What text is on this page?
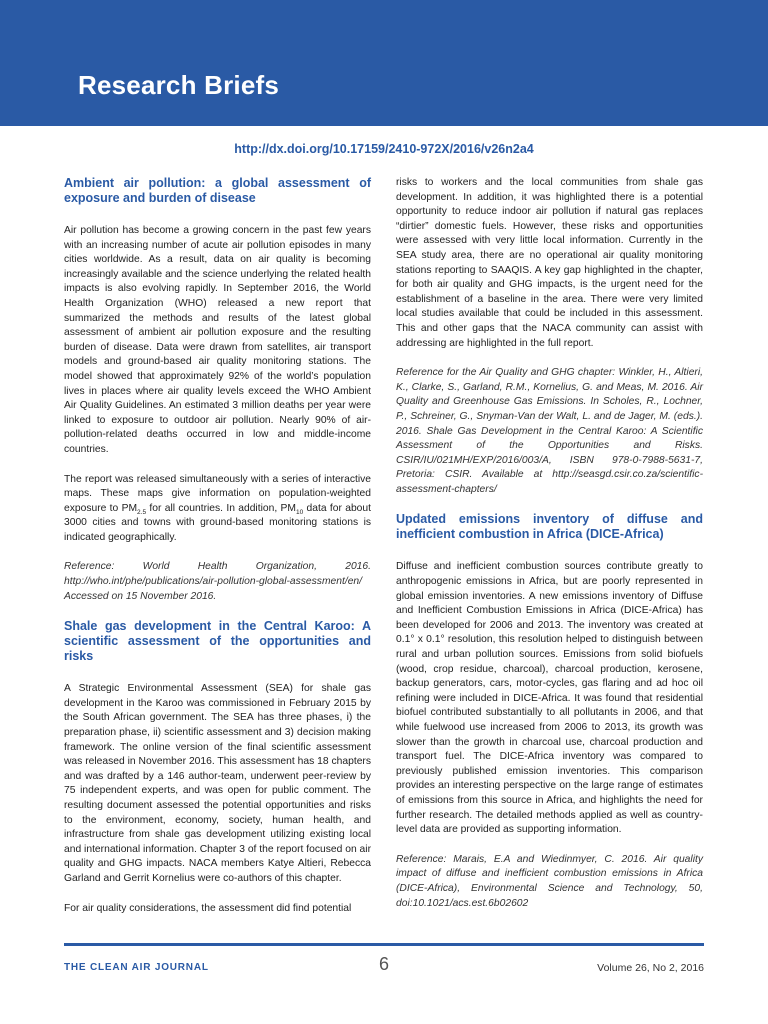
Research Briefs
http://dx.doi.org/10.17159/2410-972X/2016/v26n2a4
Ambient air pollution: a global assessment of exposure and burden of disease

Air pollution has become a growing concern in the past few years with an increasing number of acute air pollution episodes in many cities worldwide. As a result, data on air quality is becoming increasingly available and the science underlying the related health impacts is also evolving rapidly. In September 2016, the World Health Organization (WHO) released a new report that summarized the methods and results of the latest global assessment of ambient air pollution exposure and the resulting burden of disease. Data were drawn from satellites, air transport models and ground-based air quality monitoring stations. The model showed that approximately 92% of the world’s population lives in places where air quality levels exceed the WHO Ambient Air Quality Guidelines. An estimated 3 million deaths per year were linked to exposure to outdoor air pollution. Nearly 90% of air-pollution-related deaths occurred in low and middle-income countries.

The report was released simultaneously with a series of interactive maps. These maps give information on population-weighted exposure to $PM_{2.5}$ for all countries. In addition, $PM_{10}$ data for about 3000 cities and towns with ground-based monitoring stations is indicated geographically.

Reference: World Health Organization, 2016. http://who.int/phe/publications/air-pollution-global-assessment/en/ Accessed on 15 November 2016.

Shale gas development in the Central Karoo: A scientific assessment of the opportunities and risks

A Strategic Environmental Assessment (SEA) for shale gas development in the Karoo was commissioned in February 2015 by the South African government. The SEA has three phases, i) the preparation phase, ii) scientific assessment and 3) decision making framework. The online version of the final scientific assessment was released in November 2016. This assessment has 18 chapters and was drafted by a 146 author-team, underwent peer-review by 75 independent experts, and was open for public comment. The resulting document assessed the potential opportunities and risks to the environment, economy, society, human health, and infrastructure from shale gas development utilizing existing local and international information. Chapter 3 of the report focused on air quality and GHG impacts. NACA members Katye Altieri, Rebecca Garland and Gerrit Kornelius were co-authors of this chapter.

For air quality considerations, the assessment did find potential

risks to workers and the local communities from shale gas development. In addition, it was highlighted there is a potential opportunity to reduce indoor air pollution if natural gas replaces “dirtier” domestic fuels. However, these risks and opportunities were assessed with very little local information. Currently in the SEA study area, there are no operational air quality monitoring stations reporting to SAAQIS. A key gap highlighted in the chapter, for both air quality and GHG impacts, is the urgent need for the establishment of a baseline in the area. There were very limited local studies available that could be included in this assessment. This and other gaps that the NACA community can assist with addressing are highlighted in the full report.

Reference for the Air Quality and GHG chapter: Winkler, H., Altieri, K., Clarke, S., Garland, R.M., Kornelius, G. and Meas, M. 2016. Air Quality and Greenhouse Gas Emissions. In Scholes, R., Lochner, P., Schreiner, G., Snyman-Van der Walt, L. and de Jager, M. (eds.). 2016. Shale Gas Development in the Central Karoo: A Scientific Assessment of the Opportunities and Risks. CSIR/IU/021MH/EXP/2016/003/A, ISBN 978-0-7988-5631-7, Pretoria: CSIR. Available at http://seasgd.csir.co.za/scientific-assessment-chapters/

Updated emissions inventory of diffuse and inefficient combustion in Africa (DICE-Africa)

Diffuse and inefficient combustion sources contribute greatly to anthropogenic emissions in Africa, but are poorly represented in global emission inventories. A new emissions inventory of Diffuse and Inefficient Combustion Emissions in Africa (DICE-Africa) has been developed for 2006 and 2013. The inventory was created at 0.1° x 0.1° resolution, this resolution helped to distinguish between rural and urban pollution sources. Emissions from solid biofuels (wood, crop residue, charcoal), charcoal production, kerosene, backup generators, cars, motor-cycles, gas flaring and ad hoc oil refining were included in DICE-Africa. It was found that residential biofuel contributed substantially to all pollutants in 2006, and that while fuelwood use increased from 2006 to 2013, its growth was slower than the growth in charcoal use, charcoal production and transport fuel. The DICE-Africa inventory was compared to previously published emission inventories. This comparison provides an interesting perspective on the large range of estimates of emissions from this source in Africa, and highlights the need for further research. The detailed methods applied as well as country-level data are provided as supporting information.

Reference: Marais, E.A and Wiedinmyer, C. 2016. Air quality impact of diffuse and inefficient combustion emissions in Africa (DICE-Africa), Environmental Science and Technology, 50, doi:10.1021/acs.est.6b02602

THE CLEAN AIR JOURNAL	6	Volume 26, No 2, 2016
